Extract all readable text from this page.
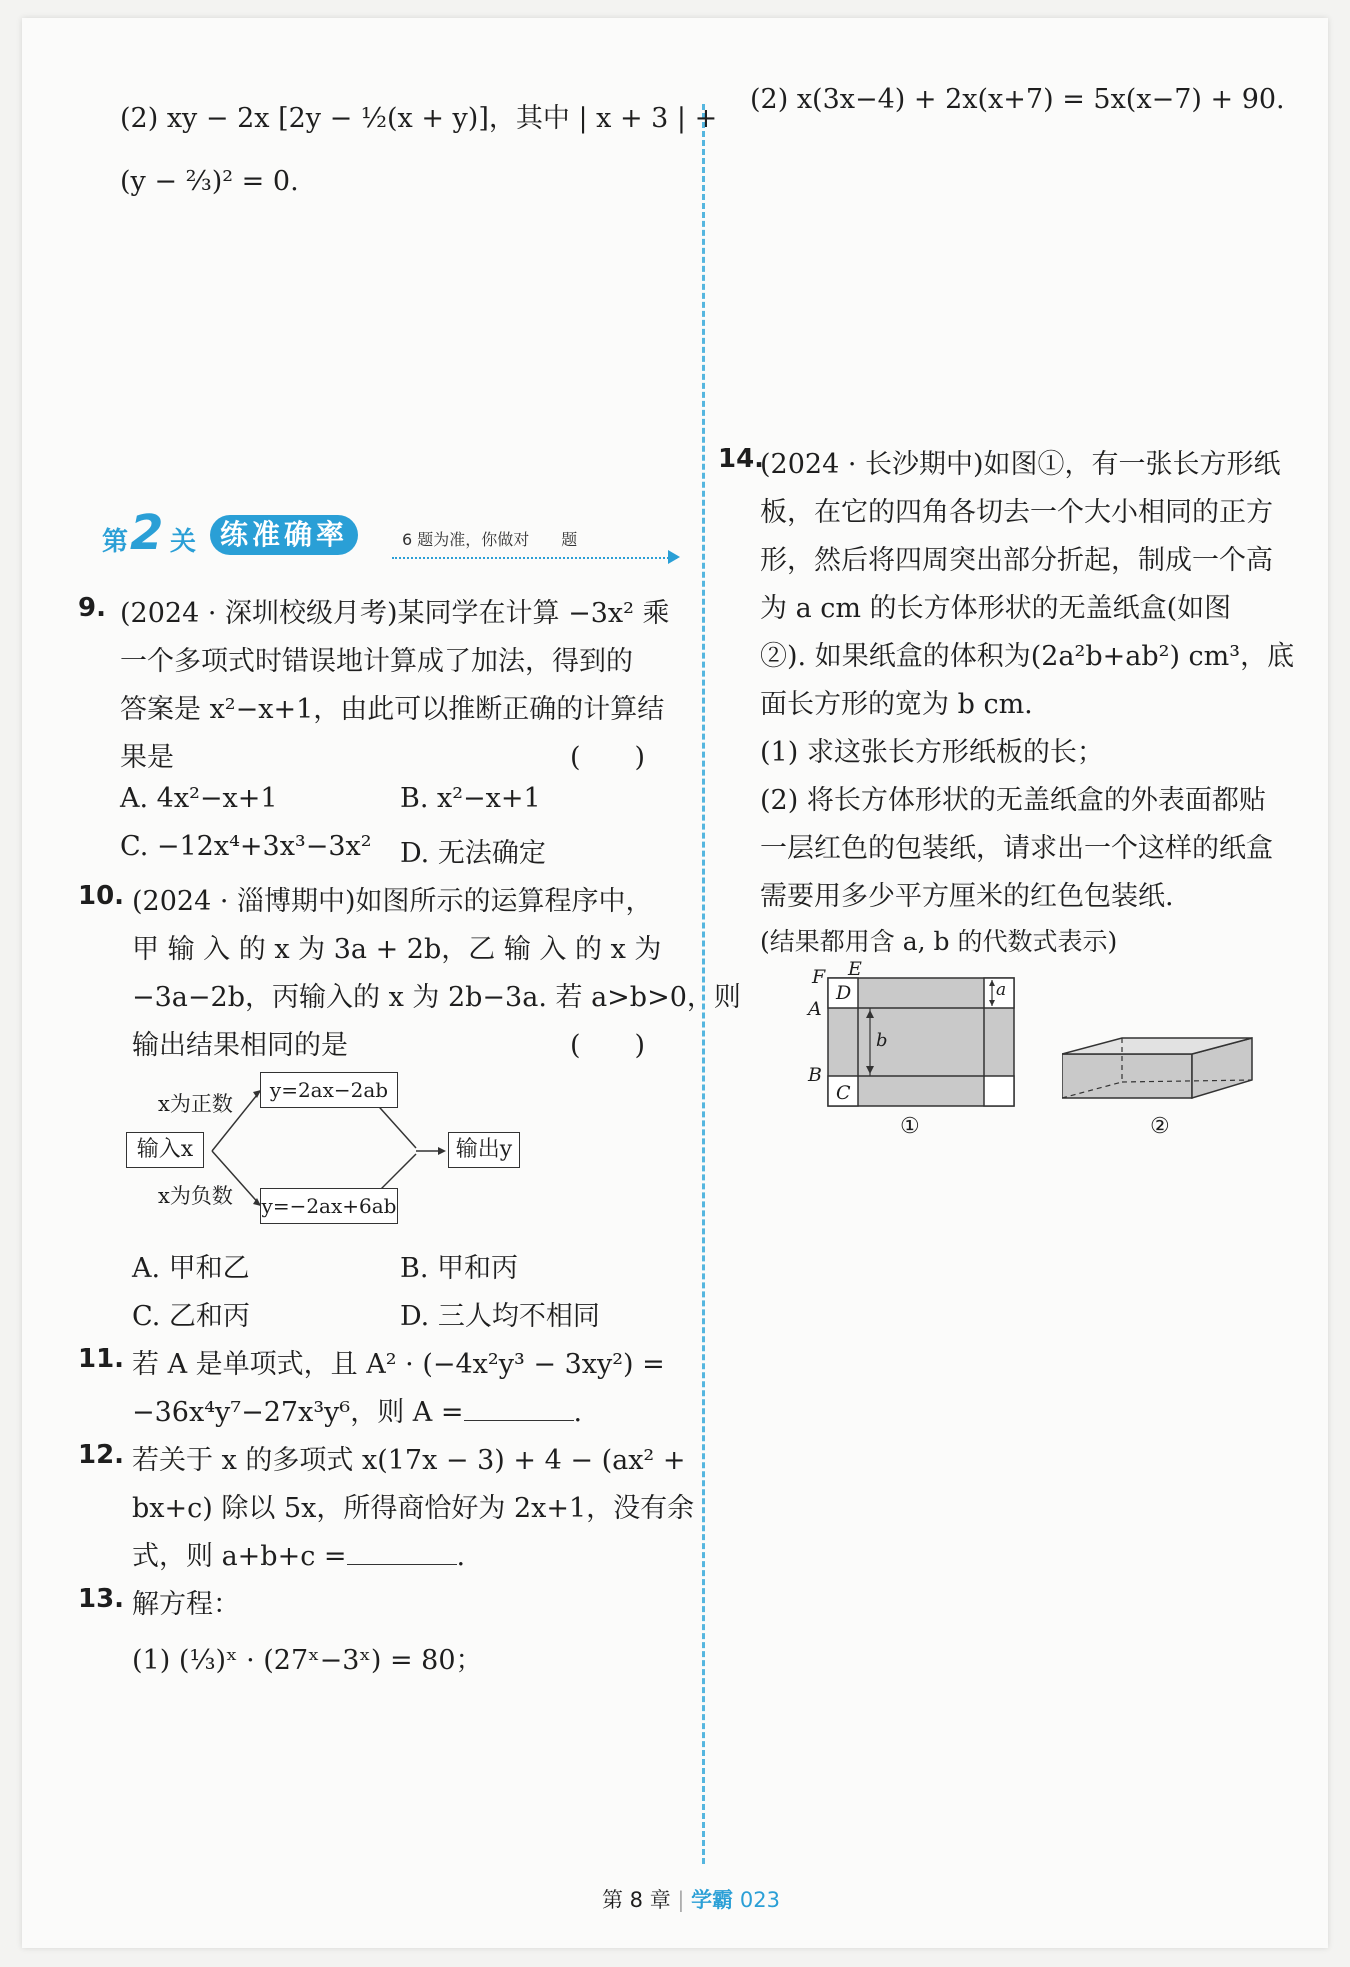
(2) xy − 2x [2y − ½(x + y)]，其中 | x + 3 | +
(y − ⅔)² = 0.
(2) x(3x−4) + 2x(x+7) = 5x(x−7) + 90.
第 2 关 练准确率	6 题为准，你做对　　题
9. (2024 · 深圳校级月考)某同学在计算 −3x² 乘
一个多项式时错误地计算成了加法，得到的
答案是 x²−x+1，由此可以推断正确的计算结
果是	(　　)
A. 4x²−x+1	B. x²−x+1
C. −12x⁴+3x³−3x² D. 无法确定
10. (2024 · 淄博期中)如图所示的运算程序中，
甲 输 入 的 x 为 3a + 2b，乙 输 入 的 x 为
−3a−2b，丙输入的 x 为 2b−3a. 若 a>b>0，则
输出结果相同的是	(　　)
输入x
x为正数
x为负数
y=2ax−2ab
y=−2ax+6ab
输出y
A. 甲和乙	B. 甲和丙
C. 乙和丙	D. 三人均不相同
11. 若 A 是单项式，且 A² · (−4x²y³ − 3xy²) =
−36x⁴y⁷−27x³y⁶，则 A =	.
12. 若关于 x 的多项式 x(17x − 3) + 4 − (ax² +
bx+c) 除以 5x，所得商恰好为 2x+1，没有余
式，则 a+b+c =	.
13. 解方程：
(1) (⅓)ˣ · (27ˣ−3ˣ) = 80；
14.
(2024 · 长沙期中)如图①，有一张长方形纸
板，在它的四角各切去一个大小相同的正方
形，然后将四周突出部分折起，制成一个高
为 a cm 的长方体形状的无盖纸盒(如图
②). 如果纸盒的体积为(2a²b+ab²) cm³，底
面长方形的宽为 b cm.
(1) 求这张长方形纸板的长；
(2) 将长方体形状的无盖纸盒的外表面都贴
一层红色的包装纸，请求出一个这样的纸盒
需要用多少平方厘米的红色包装纸.
(结果都用含 a, b 的代数式表示)
F E
A
B
C
D	a
b
①	②
第 8 章 | 学霸 023
